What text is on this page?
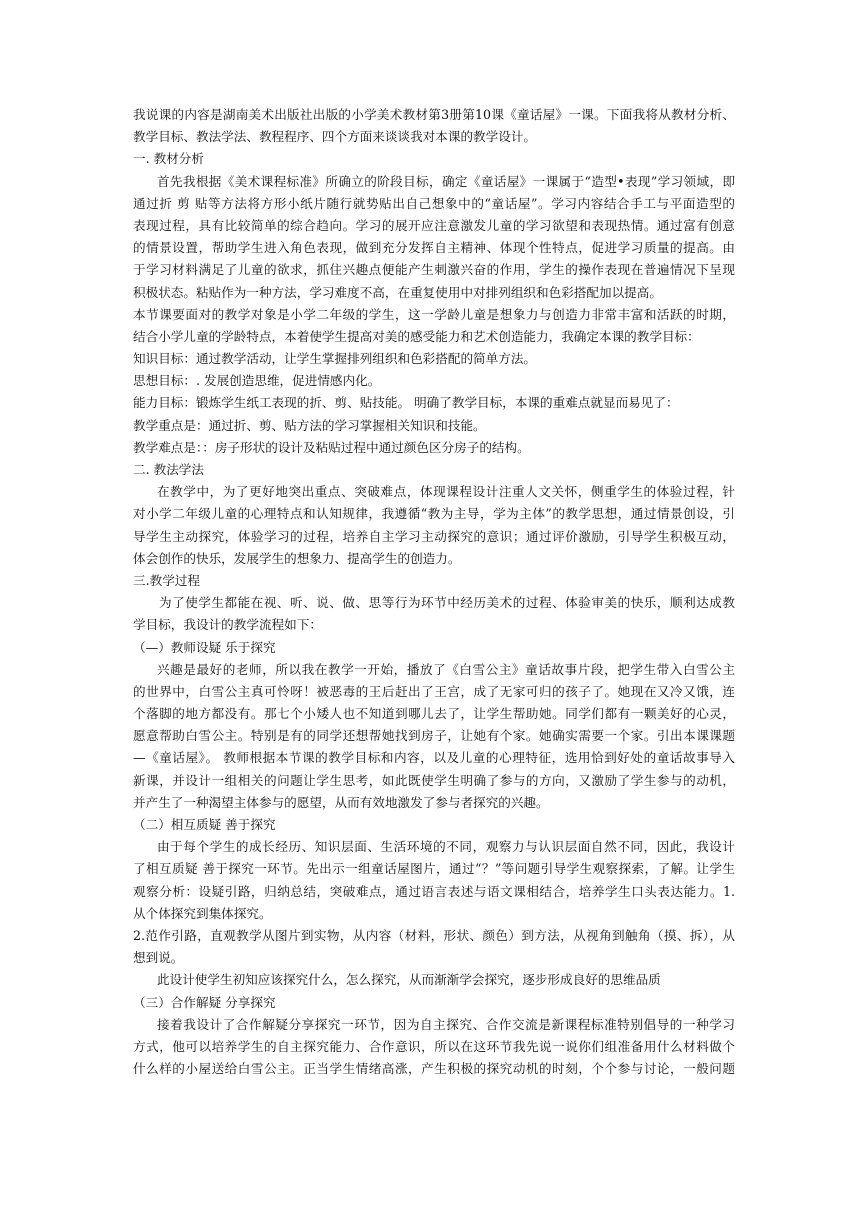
我说课的内容是湖南美术出版社出版的小学美术教材第3册第10课《童话屋》一课。下面我将从教材分析、
教学目标、教法学法、教程程序、四个方面来谈谈我对本课的教学设计。
一. 教材分析
首先我根据《美术课程标准》所确立的阶段目标，确定《童话屋》一课属于“造型•表现”学习领域，即
通过折 剪 贴等方法将方形小纸片随行就势贴出自己想象中的“童话屋”。学习内容结合手工与平面造型的
表现过程，具有比较简单的综合趋向。学习的展开应注意激发儿童的学习欲望和表现热情。通过富有创意
的情景设置，帮助学生进入角色表现，做到充分发挥自主精神、体现个性特点，促进学习质量的提高。由
于学习材料满足了儿童的欲求，抓住兴趣点便能产生刺激兴奋的作用，学生的操作表现在普遍情况下呈现
积极状态。粘贴作为一种方法，学习难度不高，在重复使用中对排列组织和色彩搭配加以提高。
本节课要面对的教学对象是小学二年级的学生，这一学龄儿童是想象力与创造力非常丰富和活跃的时期，
结合小学儿童的学龄特点，本着使学生提高对美的感受能力和艺术创造能力，我确定本课的教学目标：
知识目标：通过教学活动，让学生掌握排列组织和色彩搭配的简单方法。
思想目标：. 发展创造思维，促进情感内化。
能力目标：锻炼学生纸工表现的折、剪、贴技能。 明确了教学目标，本课的重难点就显而易见了：
教学重点是：通过折、剪、贴方法的学习掌握相关知识和技能。
教学难点是：：房子形状的设计及粘贴过程中通过颜色区分房子的结构。
二. 教法学法
在教学中，为了更好地突出重点、突破难点，体现课程设计注重人文关怀，侧重学生的体验过程，针
对小学二年级儿童的心理特点和认知规律，我遵循“教为主导，学为主体”的教学思想，通过情景创设，引
导学生主动探究，体验学习的过程，培养自主学习主动探究的意识；通过评价激励，引导学生积极互动，
体会创作的快乐，发展学生的想象力、提高学生的创造力。
三.教学过程
为了使学生都能在视、听、说、做、思等行为环节中经历美术的过程、体验审美的快乐，顺利达成教
学目标，我设计的教学流程如下：
（—）教师设疑 乐于探究
兴趣是最好的老师，所以我在教学一开始，播放了《白雪公主》童话故事片段，把学生带入白雪公主
的世界中，白雪公主真可怜呀！被恶毒的王后赶出了王宫，成了无家可归的孩子了。她现在又冷又饿，连
个落脚的地方都没有。那七个小矮人也不知道到哪儿去了，让学生帮助她。同学们都有一颗美好的心灵，
愿意帮助白雪公主。特别是有的同学还想帮她找到房子，让她有个家。她确实需要一个家。引出本课课题
—《童话屋》。 教师根据本节课的教学目标和内容，以及儿童的心理特征，选用恰到好处的童话故事导入
新课，并设计一组相关的问题让学生思考，如此既使学生明确了参与的方向，又激励了学生参与的动机，
并产生了一种渴望主体参与的愿望，从而有效地激发了参与者探究的兴趣。
（二）相互质疑 善于探究
由于每个学生的成长经历、知识层面、生活环境的不同，观察力与认识层面自然不同，因此，我设计
了相互质疑 善于探究一环节。先出示一组童话屋图片，通过“？”等问题引导学生观察探索，了解。让学生
观察分析：设疑引路，归纳总结，突破难点，通过语言表述与语文课相结合，培养学生口头表达能力。1.
从个体探究到集体探究。
2.范作引路，直观教学从图片到实物，从内容（材料，形状、颜色）到方法，从视角到触角（摸、拆），从
想到说。
此设计使学生初知应该探究什么，怎么探究，从而渐渐学会探究，逐步形成良好的思维品质
（三）合作解疑 分享探究
接着我设计了合作解疑分享探究一环节，因为自主探究、合作交流是新课程标准特别倡导的一种学习
方式，他可以培养学生的自主探究能力、合作意识，所以在这环节我先说一说你们组准备用什么材料做个
什么样的小屋送给白雪公主。正当学生情绪高涨，产生积极的探究动机的时刻，个个参与讨论，一般问题
